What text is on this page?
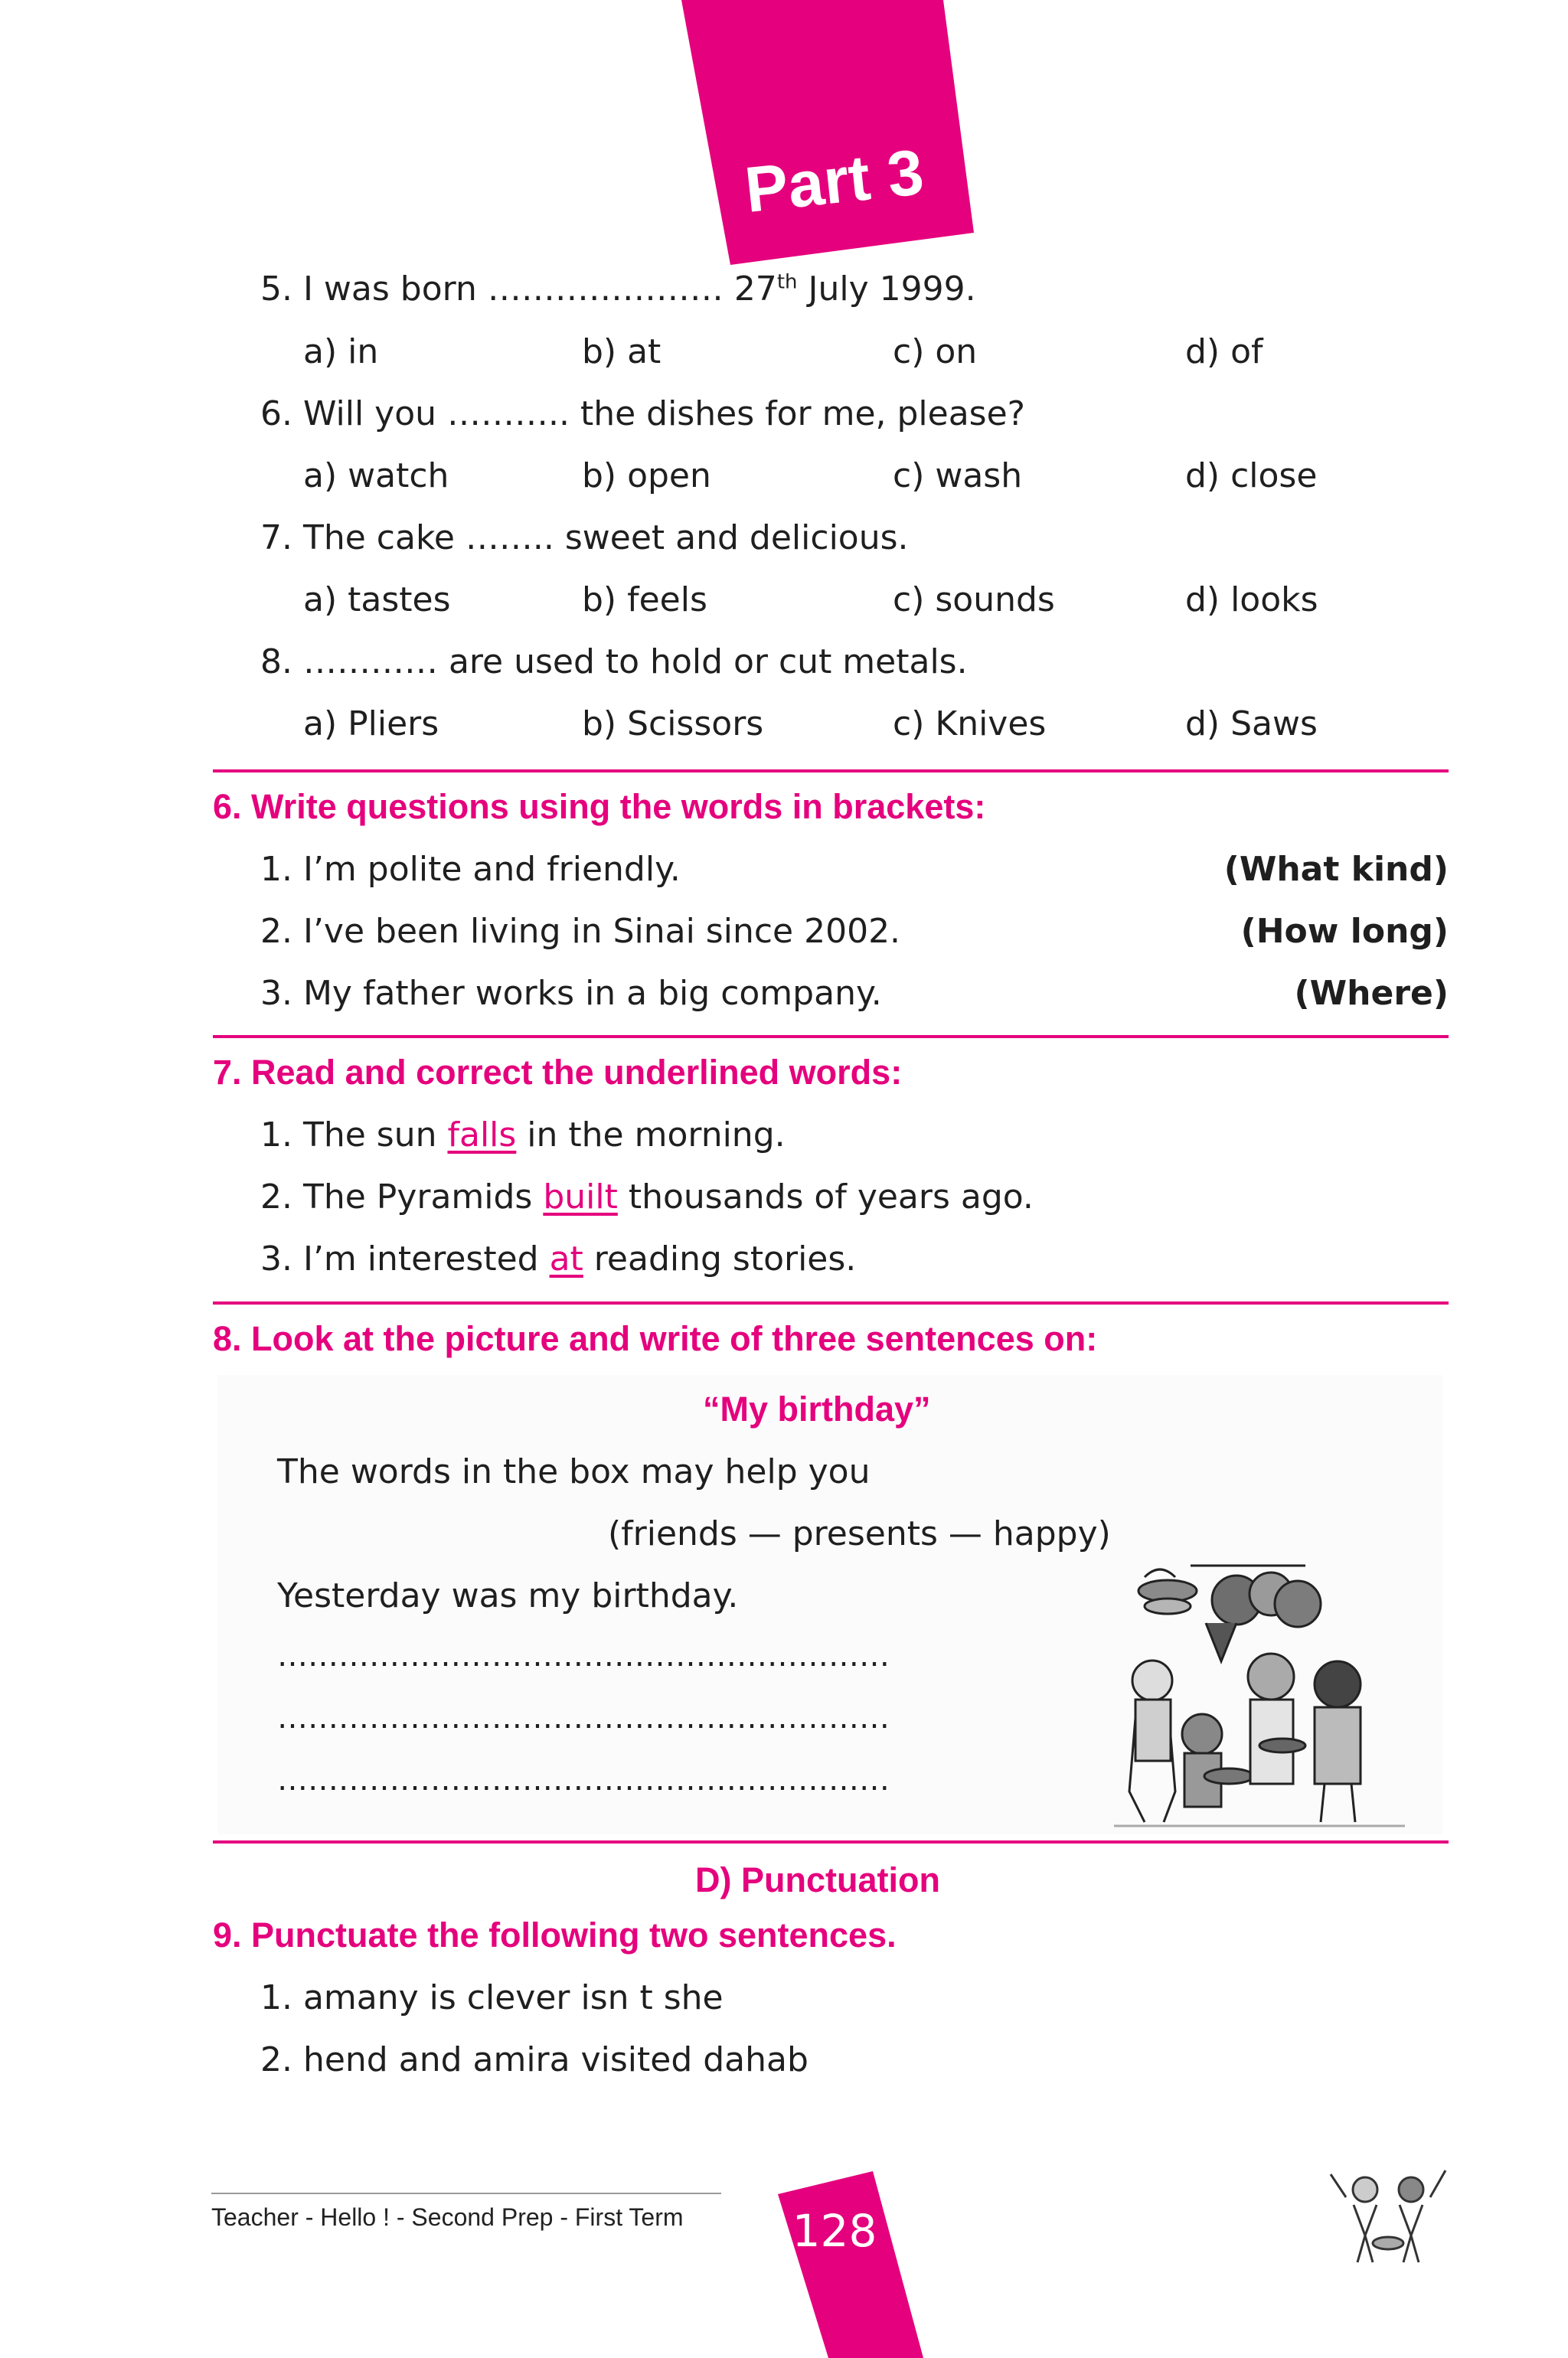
Part 3
5. I was born ………………… 27th July 1999.
a) in	b) at	c) on	d) of
6. Will you ……….. the dishes for me, please?
a) watch	b) open	c) wash	d) close
7. The cake …….. sweet and delicious.
a) tastes	b) feels	c) sounds	d) looks
8. ………… are used to hold or cut metals.
a) Pliers	b) Scissors	c) Knives	d) Saws
6. Write questions using the words in brackets:
1. I’m polite and friendly.	(What kind)
2. I’ve been living in Sinai since 2002.	(How long)
3. My father works in a big company.	(Where)
7. Read and correct the underlined words:
1. The sun falls in the morning.
2. The Pyramids built thousands of years ago.
3. I’m interested at reading stories.
8. Look at the picture and write of three sentences on:
“My birthday”
The words in the box may help you
(friends — presents — happy)
Yesterday was my birthday.
……………………………………………………
……………………………………………………
……………………………………………………
D) Punctuation
9. Punctuate the following two sentences.
1. amany is clever isn t she
2. hend and amira visited dahab
Teacher - Hello ! - Second Prep - First Term 128
